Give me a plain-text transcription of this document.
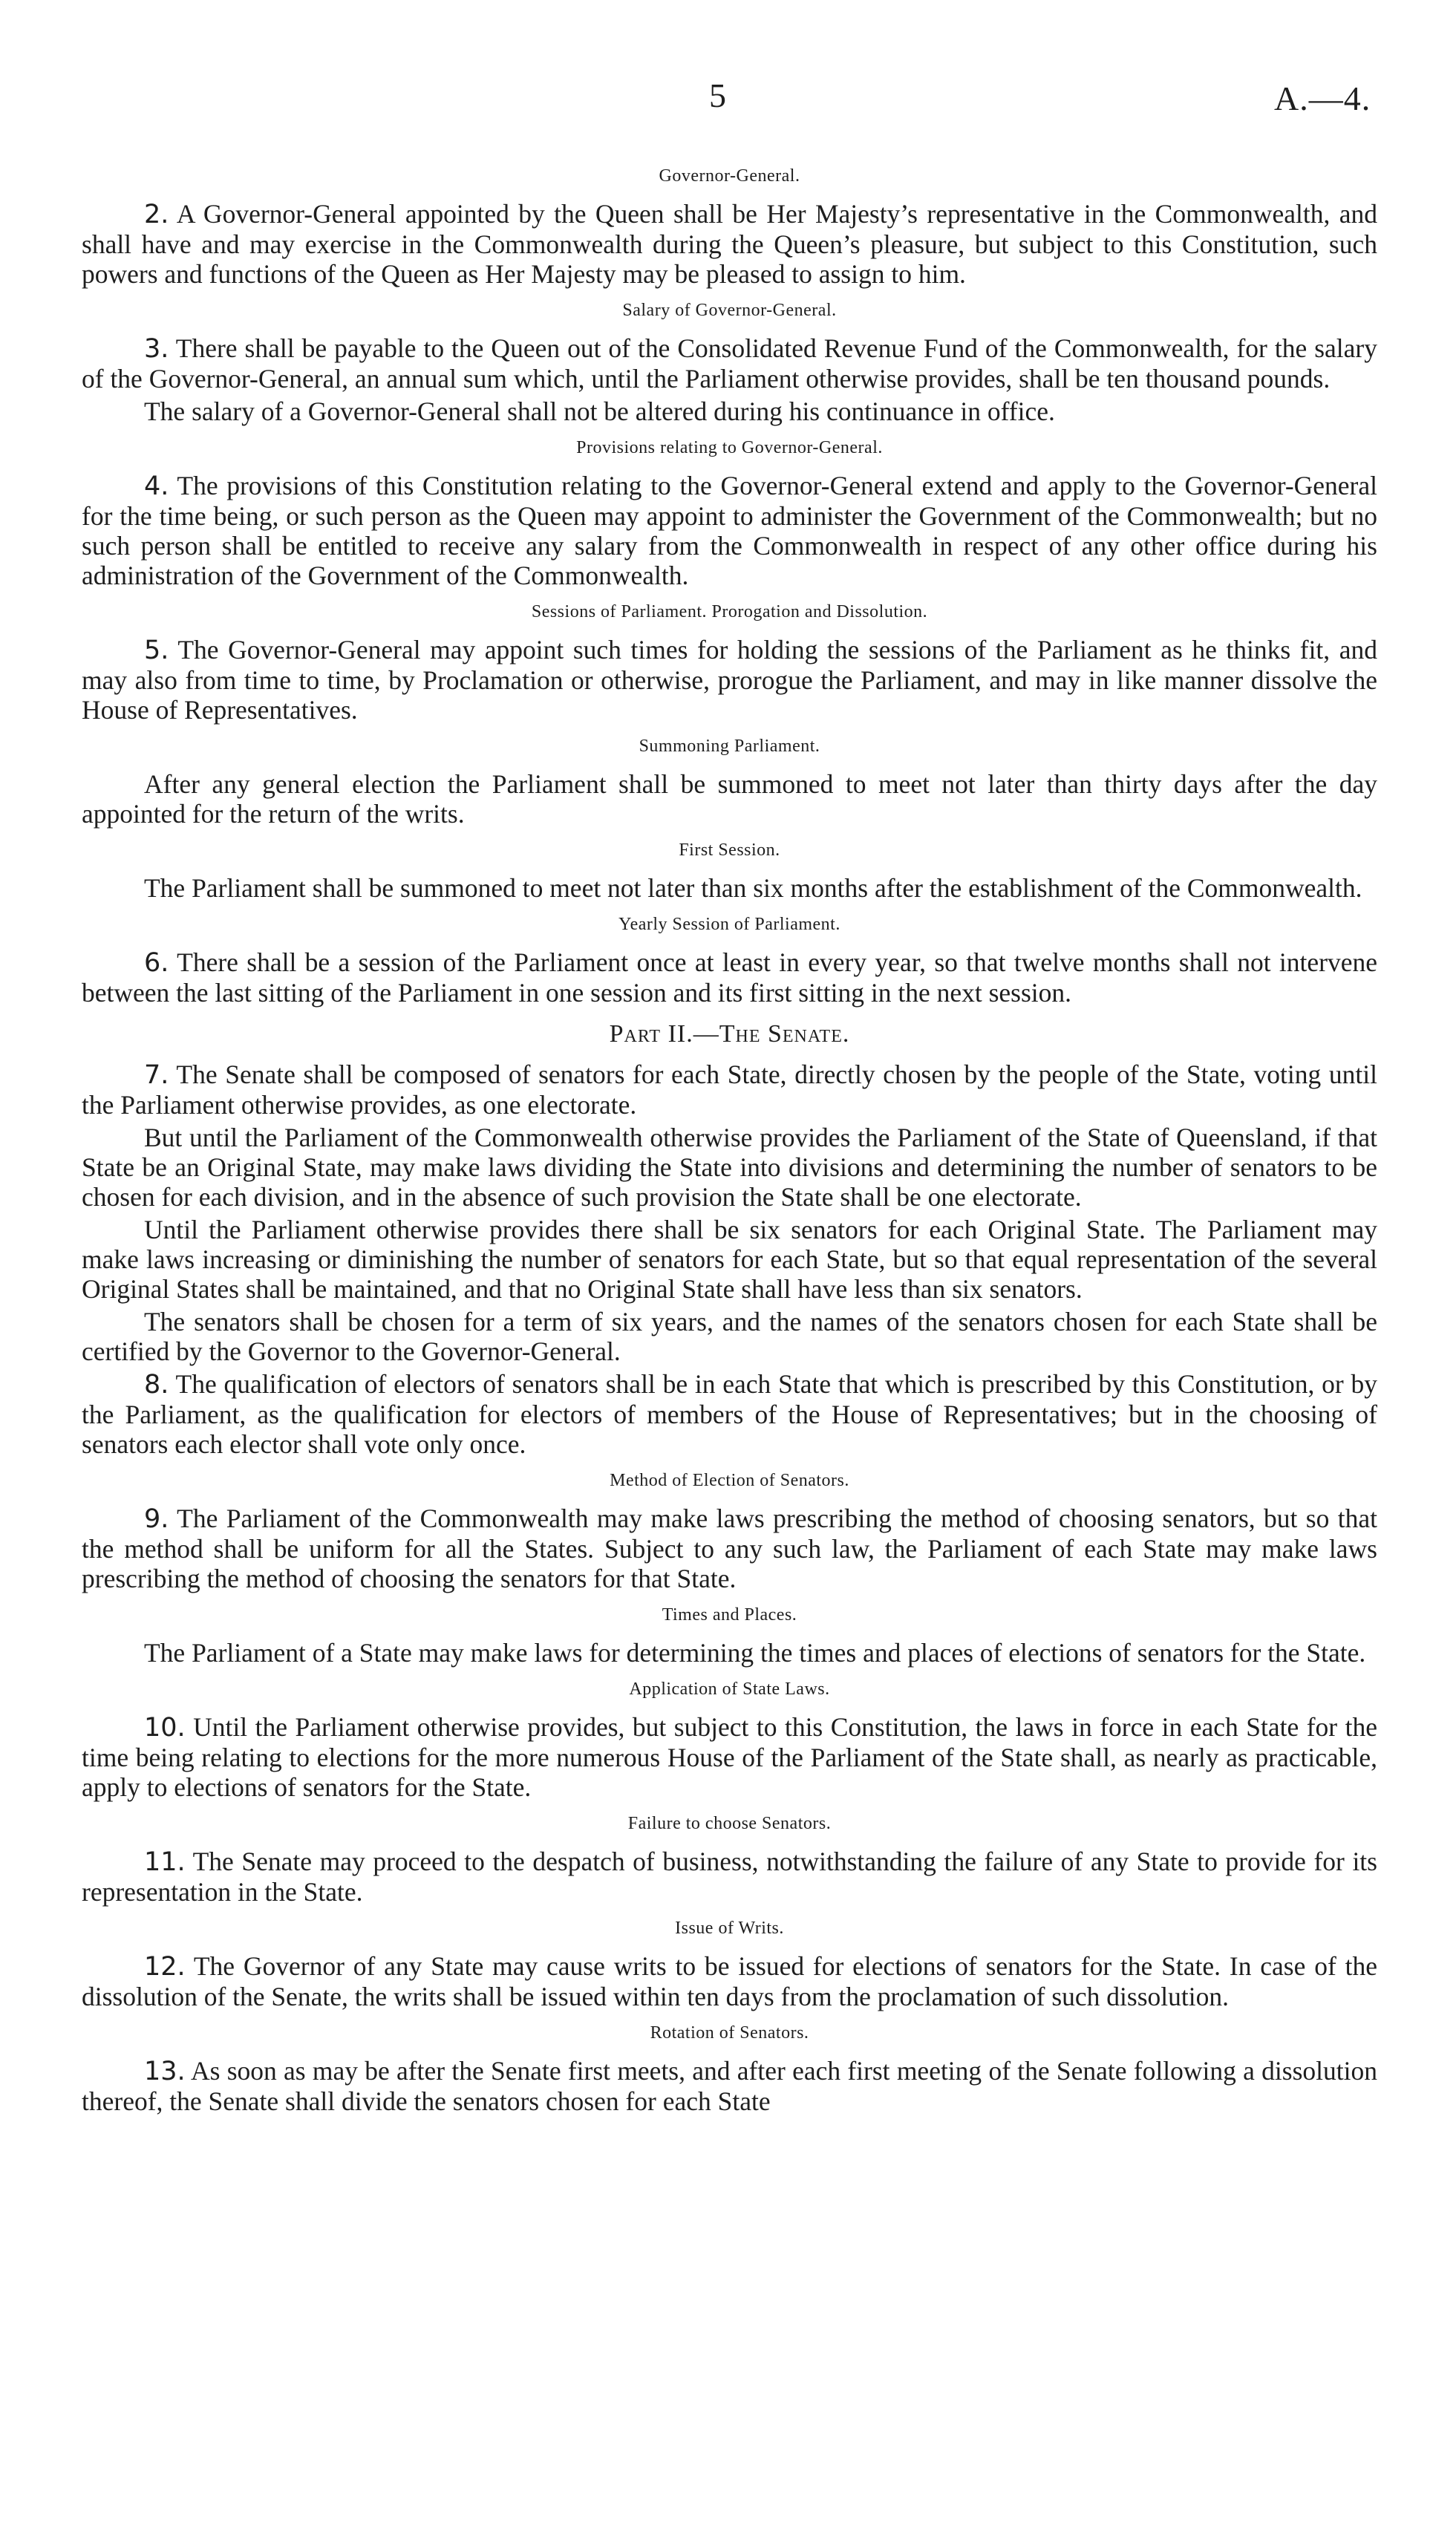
5	A.—4.
Governor-General.

2. A Governor-General appointed by the Queen shall be Her Majesty’s representative in the Commonwealth, and shall have and may exercise in the Commonwealth during the Queen’s pleasure, but subject to this Constitution, such powers and functions of the Queen as Her Majesty may be pleased to assign to him.

Salary of Governor-General.

3. There shall be payable to the Queen out of the Consolidated Revenue Fund of the Commonwealth, for the salary of the Governor-General, an annual sum which, until the Parliament otherwise provides, shall be ten thousand pounds.

The salary of a Governor-General shall not be altered during his continuance in office.

Provisions relating to Governor-General.

4. The provisions of this Constitution relating to the Governor-General extend and apply to the Governor-General for the time being, or such person as the Queen may appoint to administer the Government of the Commonwealth; but no such person shall be entitled to receive any salary from the Commonwealth in respect of any other office during his administration of the Government of the Commonwealth.

Sessions of Parliament. Prorogation and Dissolution.

5. The Governor-General may appoint such times for holding the sessions of the Parliament as he thinks fit, and may also from time to time, by Proclamation or otherwise, prorogue the Parliament, and may in like manner dissolve the House of Representatives.

Summoning Parliament.

After any general election the Parliament shall be summoned to meet not later than thirty days after the day appointed for the return of the writs.

First Session.

The Parliament shall be summoned to meet not later than six months after the establishment of the Commonwealth.

Yearly Session of Parliament.

6. There shall be a session of the Parliament once at least in every year, so that twelve months shall not intervene between the last sitting of the Parliament in one session and its first sitting in the next session.

Part II.—The Senate.

7. The Senate shall be composed of senators for each State, directly chosen by the people of the State, voting until the Parliament otherwise provides, as one electorate.

But until the Parliament of the Commonwealth otherwise provides the Parliament of the State of Queensland, if that State be an Original State, may make laws dividing the State into divisions and determining the number of senators to be chosen for each division, and in the absence of such provision the State shall be one electorate.

Until the Parliament otherwise provides there shall be six senators for each Original State. The Parliament may make laws increasing or diminishing the number of senators for each State, but so that equal representation of the several Original States shall be maintained, and that no Original State shall have less than six senators.

The senators shall be chosen for a term of six years, and the names of the senators chosen for each State shall be certified by the Governor to the Governor-General.

8. The qualification of electors of senators shall be in each State that which is prescribed by this Constitution, or by the Parliament, as the qualification for electors of members of the House of Representatives; but in the choosing of senators each elector shall vote only once.

Method of Election of Senators.

9. The Parliament of the Commonwealth may make laws prescribing the method of choosing senators, but so that the method shall be uniform for all the States. Subject to any such law, the Parliament of each State may make laws prescribing the method of choosing the senators for that State.

Times and Places.

The Parliament of a State may make laws for determining the times and places of elections of senators for the State.

Application of State Laws.

10. Until the Parliament otherwise provides, but subject to this Constitution, the laws in force in each State for the time being relating to elections for the more numerous House of the Parliament of the State shall, as nearly as practicable, apply to elections of senators for the State.

Failure to choose Senators.

11. The Senate may proceed to the despatch of business, notwithstanding the failure of any State to provide for its representation in the State.

Issue of Writs.

12. The Governor of any State may cause writs to be issued for elections of senators for the State. In case of the dissolution of the Senate, the writs shall be issued within ten days from the proclamation of such dissolution.

Rotation of Senators.

13. As soon as may be after the Senate first meets, and after each first meeting of the Senate following a dissolution thereof, the Senate shall divide the senators chosen for each State
